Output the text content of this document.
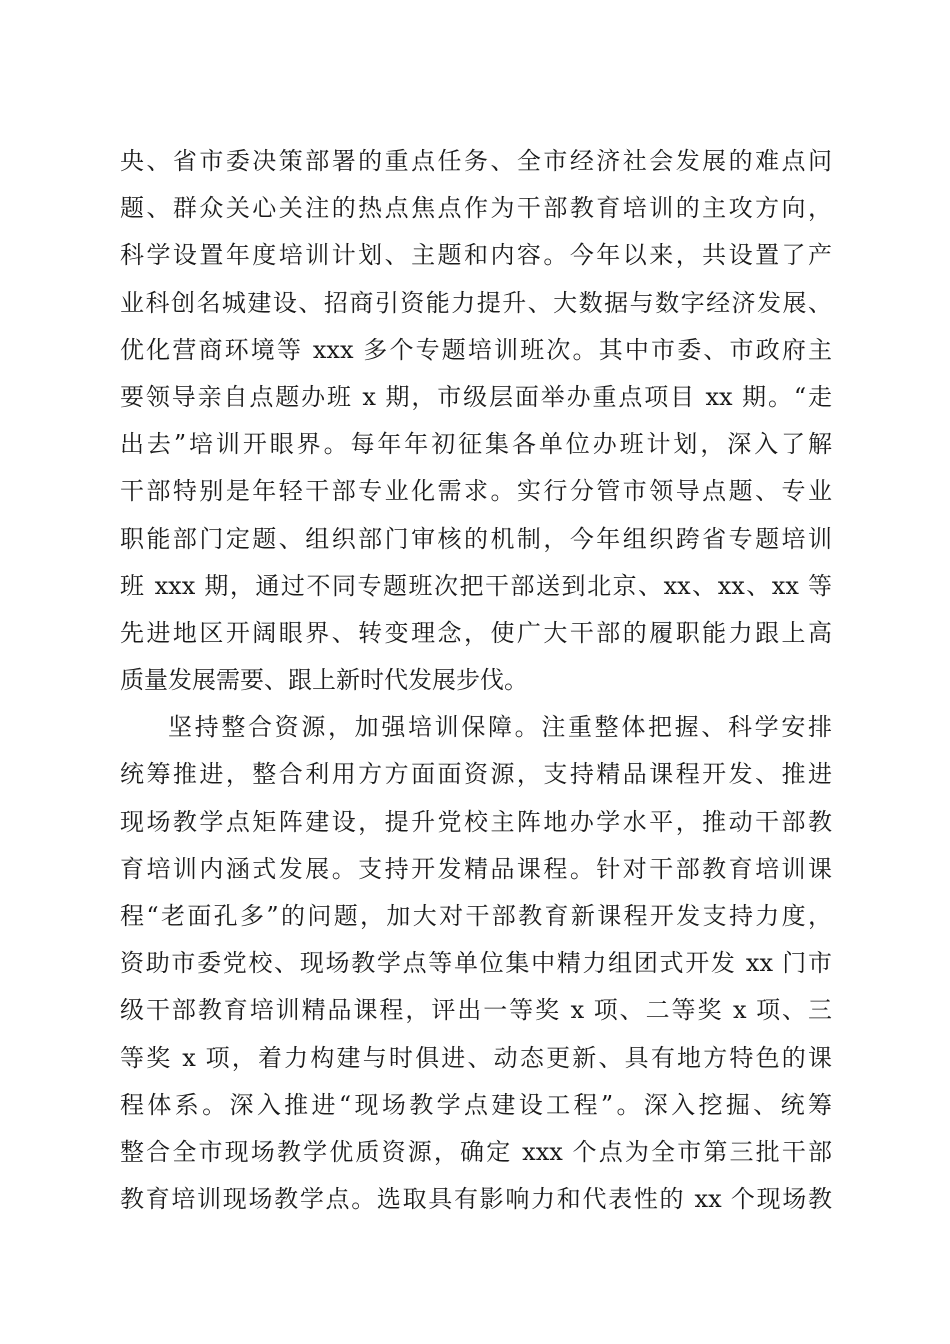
央、省市委决策部署的重点任务、全市经济社会发展的难点问
题、群众关心关注的热点焦点作为干部教育培训的主攻方向，
科学设置年度培训计划、主题和内容。今年以来，共设置了产
业科创名城建设、招商引资能力提升、大数据与数字经济发展、
优化营商环境等 xxx 多个专题培训班次。其中市委、市政府主
要领导亲自点题办班 x 期，市级层面举办重点项目 xx 期。“走
出去”培训开眼界。每年年初征集各单位办班计划，深入了解
干部特别是年轻干部专业化需求。实行分管市领导点题、专业
职能部门定题、组织部门审核的机制，今年组织跨省专题培训
班 xxx 期，通过不同专题班次把干部送到北京、xx、xx、xx 等
先进地区开阔眼界、转变理念，使广大干部的履职能力跟上高
质量发展需要、跟上新时代发展步伐。
坚持整合资源，加强培训保障。注重整体把握、科学安排
统筹推进，整合利用方方面面资源，支持精品课程开发、推进
现场教学点矩阵建设，提升党校主阵地办学水平，推动干部教
育培训内涵式发展。支持开发精品课程。针对干部教育培训课
程“老面孔多”的问题，加大对干部教育新课程开发支持力度，
资助市委党校、现场教学点等单位集中精力组团式开发 xx 门市
级干部教育培训精品课程，评出一等奖 x 项、二等奖 x 项、三
等奖 x 项，着力构建与时俱进、动态更新、具有地方特色的课
程体系。深入推进“现场教学点建设工程”。深入挖掘、统筹
整合全市现场教学优质资源，确定 xxx 个点为全市第三批干部
教育培训现场教学点。选取具有影响力和代表性的 xx 个现场教
